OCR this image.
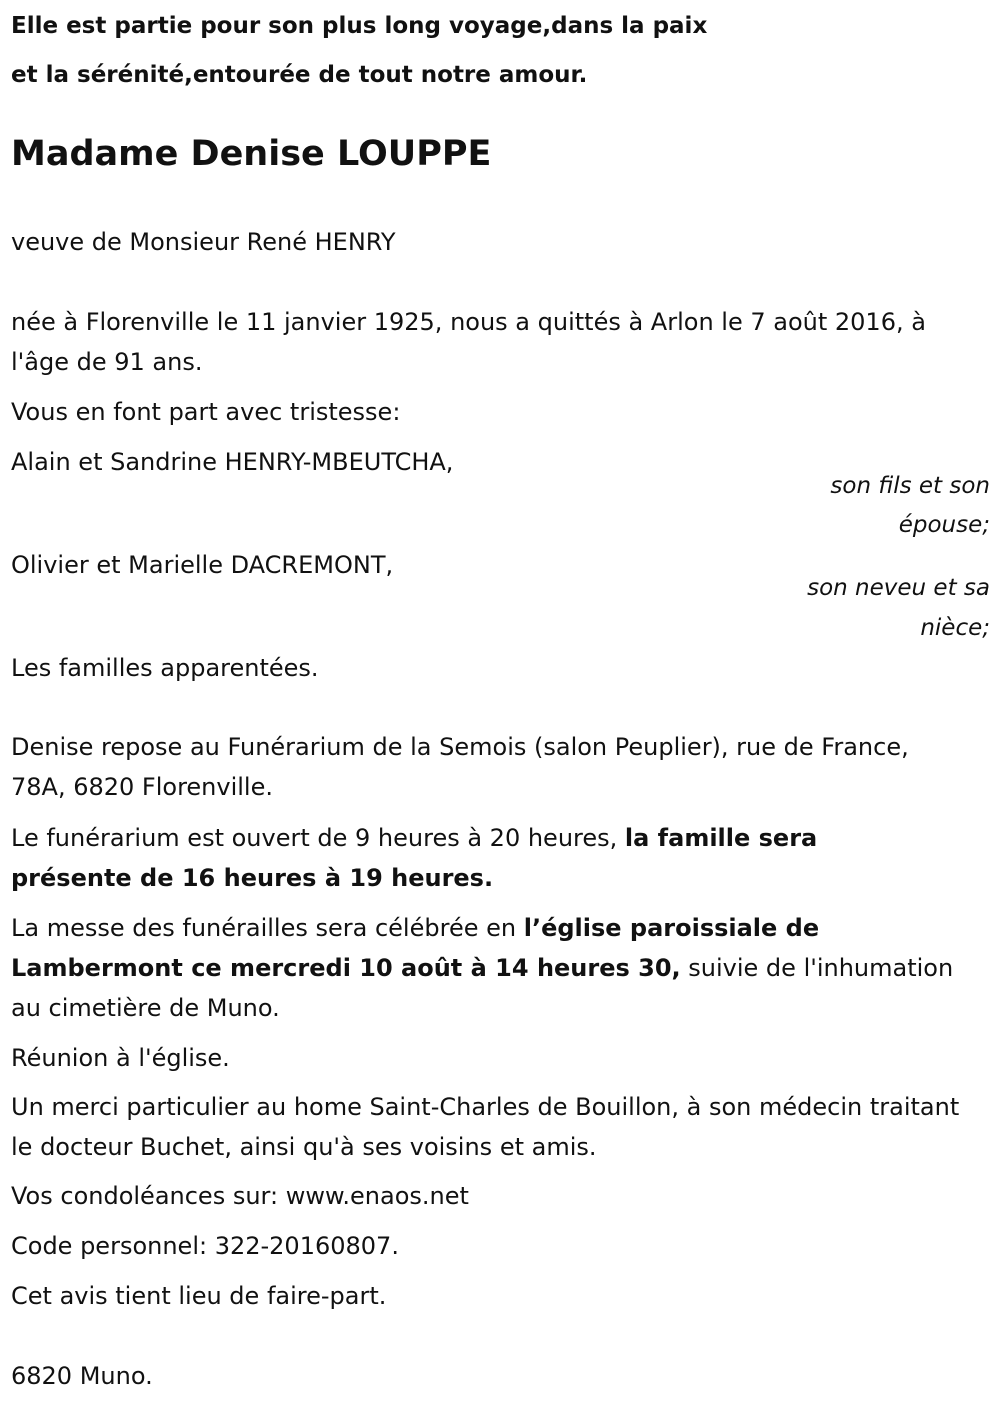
Elle est partie pour son plus long voyage,dans la paix
et la sérénité,entourée de tout notre amour.
Madame Denise LOUPPE
veuve de Monsieur René HENRY
née à Florenville le 11 janvier 1925, nous a quittés à Arlon le 7 août 2016, à l'âge de 91 ans.
Vous en font part avec tristesse:
Alain et Sandrine HENRY-MBEUTCHA,
son fils et son
épouse;
Olivier et Marielle DACREMONT,
son neveu et sa
nièce;
Les familles apparentées.
Denise repose au Funérarium de la Semois (salon Peuplier), rue de France, 78A, 6820 Florenville.
Le funérarium est ouvert de 9 heures à 20 heures, la famille sera présente de 16 heures à 19 heures.
La messe des funérailles sera célébrée en l’église paroissiale de Lambermont ce mercredi 10 août à 14 heures 30, suivie de l'inhumation au cimetière de Muno.
Réunion à l'église.
Un merci particulier au home Saint-Charles de Bouillon, à son médecin traitant le docteur Buchet, ainsi qu'à ses voisins et amis.
Vos condoléances sur: www.enaos.net
Code personnel: 322-20160807.
Cet avis tient lieu de faire-part.
6820 Muno.
